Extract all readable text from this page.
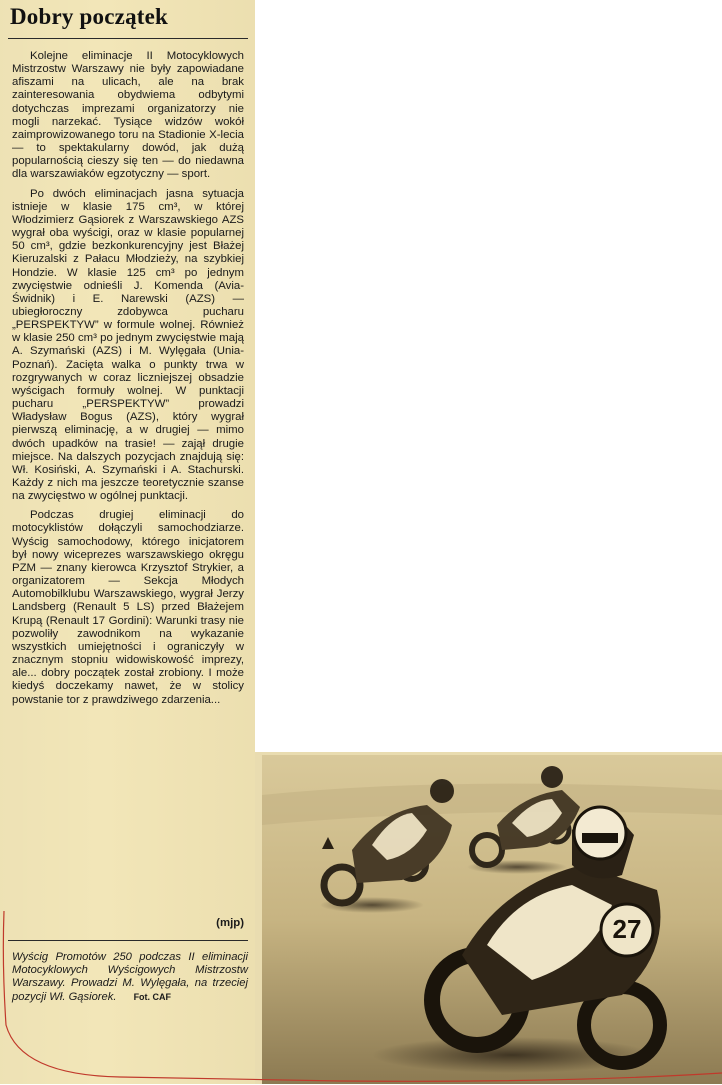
Dobry początek

Kolejne eliminacje II Motocyklowych Mistrzostw Warszawy nie były zapowiadane afiszami na ulicach, ale na brak zainteresowania obydwiema odbytymi dotychczas imprezami organizatorzy nie mogli narzekać. Tysiące widzów wokół zaimprowizowanego toru na Stadionie X-lecia — to spektakularny dowód, jak dużą popularnością cieszy się ten — do niedawna dla warszawiaków egzotyczny — sport.

Po dwóch eliminacjach jasna sytuacja istnieje w klasie 175 cm³, w której Włodzimierz Gąsiorek z Warszawskiego AZS wygrał oba wyścigi, oraz w klasie popularnej 50 cm³, gdzie bezkonkurencyjny jest Błażej Kieruzalski z Pałacu Młodzieży, na szybkiej Hondzie. W klasie 125 cm³ po jednym zwycięstwie odnieśli J. Komenda (Avia-Świdnik) i E. Narewski (AZS) — ubiegłoroczny zdobywca pucharu „PERSPEKTYW” w formule wolnej. Również w klasie 250 cm³ po jednym zwycięstwie mają A. Szymański (AZS) i M. Wylęgała (Unia-Poznań). Zacięta walka o punkty trwa w rozgrywanych w coraz liczniejszej obsadzie wyścigach formuły wolnej. W punktacji pucharu „PERSPEKTYW” prowadzi Władysław Bogus (AZS), który wygrał pierwszą eliminację, a w drugiej — mimo dwóch upadków na trasie! — zajął drugie miejsce. Na dalszych pozycjach znajdują się: Wł. Kosiński, A. Szymański i A. Stachurski. Każdy z nich ma jeszcze teoretycznie szanse na zwycięstwo w ogólnej punktacji.

Podczas drugiej eliminacji do motocyklistów dołączyli samochodziarze. Wyścig samochodowy, którego inicjatorem był nowy wiceprezes warszawskiego okręgu PZM — znany kierowca Krzysztof Strykier, a organizatorem — Sekcja Młodych Automobilklubu Warszawskiego, wygrał Jerzy Landsberg (Renault 5 LS) przed Błażejem Krupą (Renault 17 Gordini): Warunki trasy nie pozwoliły zawodnikom na wykazanie wszystkich umiejętności i ograniczyły w znacznym stopniu widowiskowość imprezy, ale... dobry początek został zrobiony. I może kiedyś doczekamy nawet, że w stolicy powstanie tor z prawdziwego zdarzenia...

(mjp)
Wyścig Promotów 250 podczas II eliminacji Motocyklowych Wyścigowych Mistrzostw Warszawy. Prowadzi M. Wylęgała, na trzeciej pozycji Wł. Gąsiorek. Fot. CAF
27
